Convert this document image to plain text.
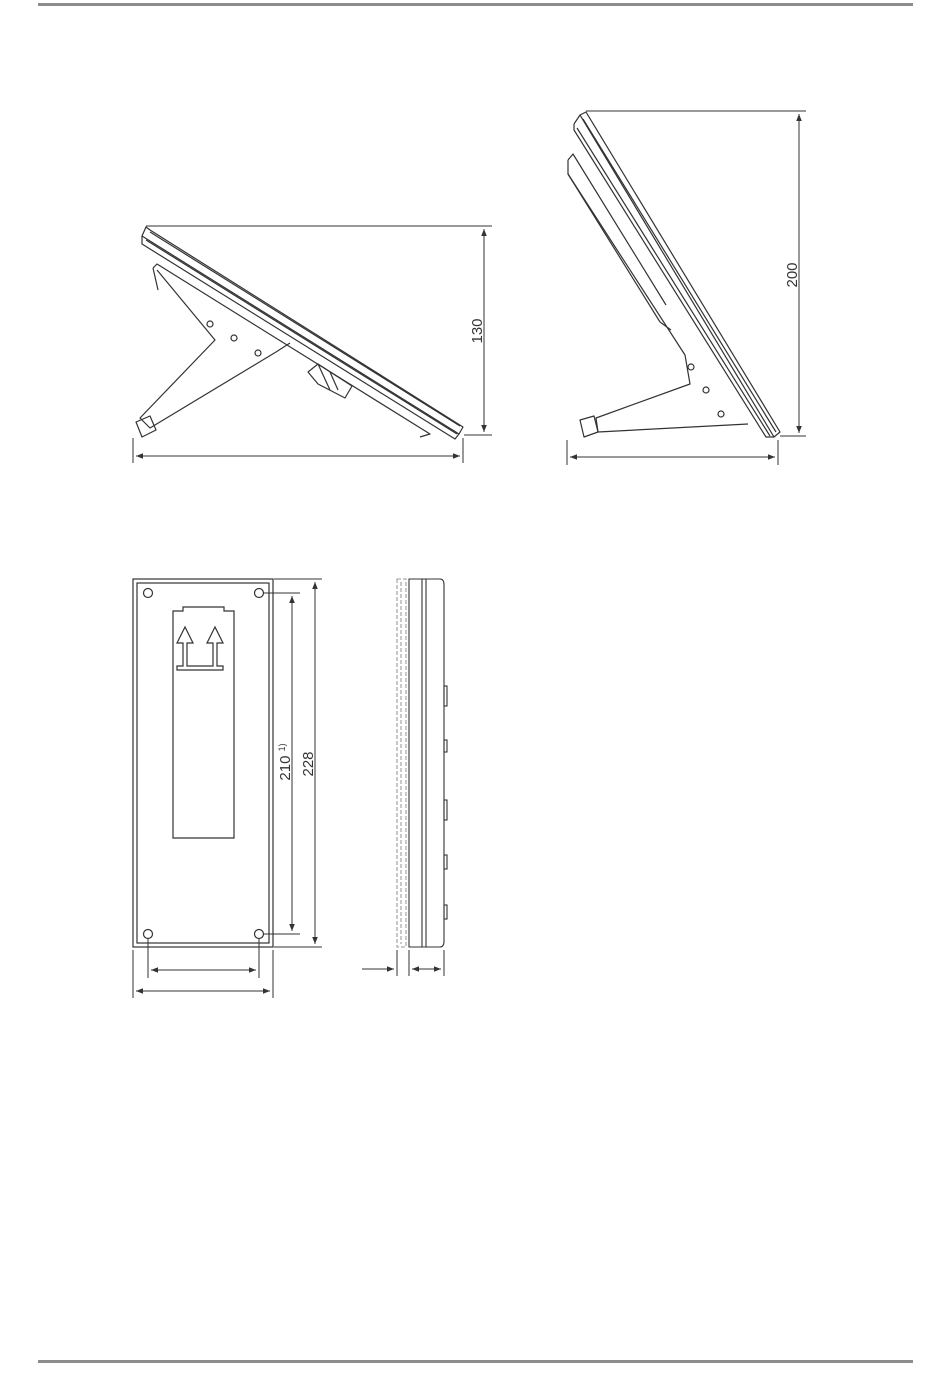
130
200
210 $^{1)}$
228
